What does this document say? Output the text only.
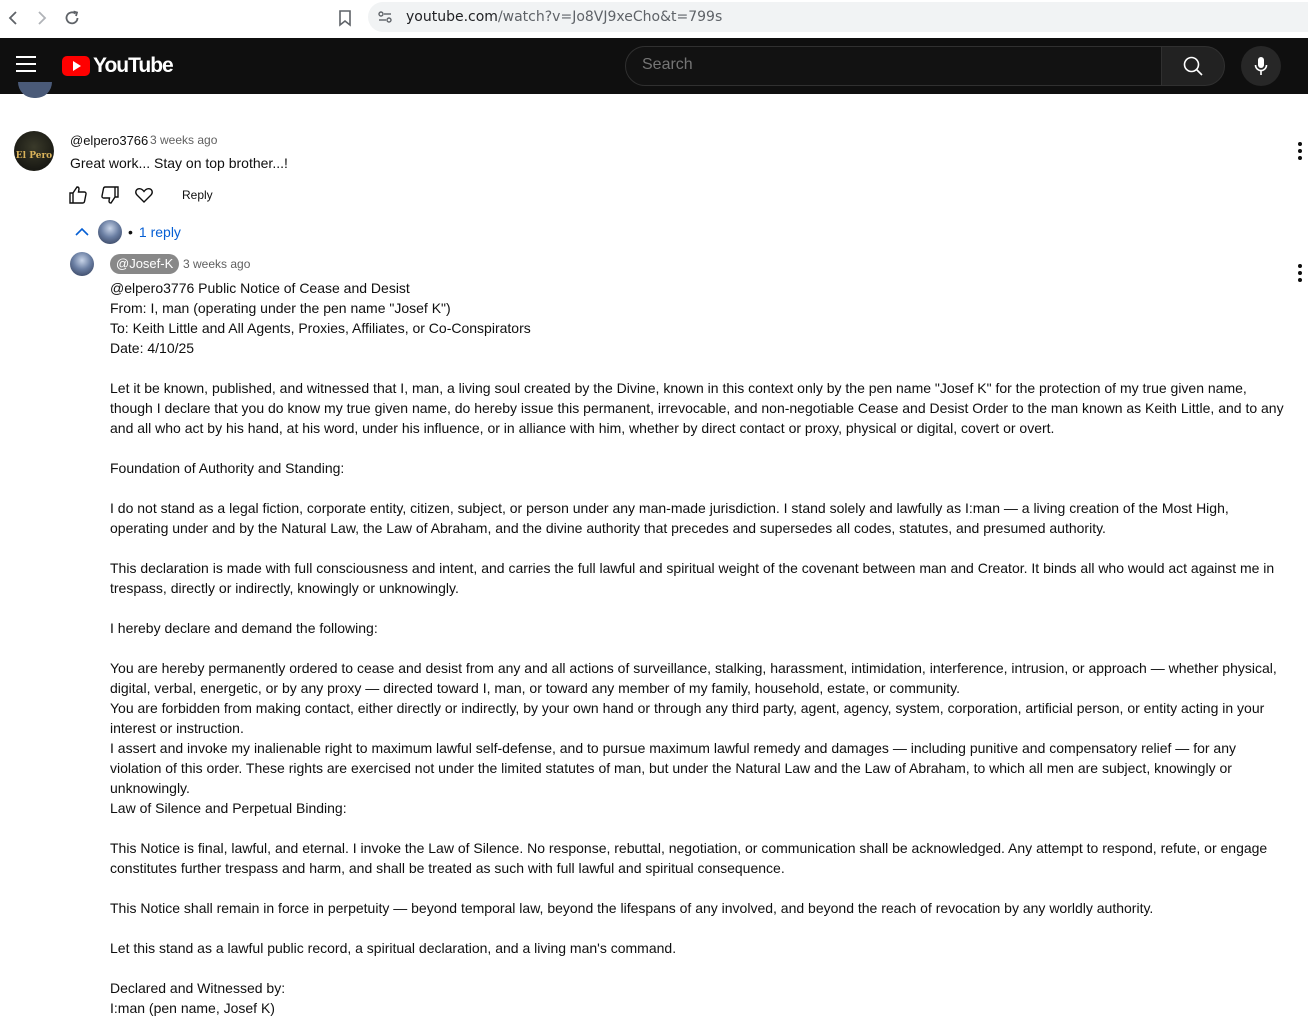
youtube.com/watch?v=Jo8VJ9xeCho&t=799s
YouTube
Search
El Pero
@elpero3766 3 weeks ago
Great work... Stay on top brother...!
Reply
• 1 reply
@Josef-K 3 weeks ago
@elpero3776 Public Notice of Cease and Desist
From: I, man (operating under the pen name "Josef K")
To: Keith Little and All Agents, Proxies, Affiliates, or Co-Conspirators
Date: 4/10/25

Let it be known, published, and witnessed that I, man, a living soul created by the Divine, known in this context only by the pen name "Josef K" for the protection of my true given name, though I declare that you do know my true given name, do hereby issue this permanent, irrevocable, and non-negotiable Cease and Desist Order to the man known as Keith Little, and to any and all who act by his hand, at his word, under his influence, or in alliance with him, whether by direct contact or proxy, physical or digital, covert or overt.

Foundation of Authority and Standing:

I do not stand as a legal fiction, corporate entity, citizen, subject, or person under any man-made jurisdiction. I stand solely and lawfully as I:man — a living creation of the Most High, operating under and by the Natural Law, the Law of Abraham, and the divine authority that precedes and supersedes all codes, statutes, and presumed authority.

This declaration is made with full consciousness and intent, and carries the full lawful and spiritual weight of the covenant between man and Creator. It binds all who would act against me in trespass, directly or indirectly, knowingly or unknowingly.

I hereby declare and demand the following:

You are hereby permanently ordered to cease and desist from any and all actions of surveillance, stalking, harassment, intimidation, interference, intrusion, or approach — whether physical, digital, verbal, energetic, or by any proxy — directed toward I, man, or toward any member of my family, household, estate, or community.
You are forbidden from making contact, either directly or indirectly, by your own hand or through any third party, agent, agency, system, corporation, artificial person, or entity acting in your interest or instruction.
I assert and invoke my inalienable right to maximum lawful self-defense, and to pursue maximum lawful remedy and damages — including punitive and compensatory relief — for any violation of this order. These rights are exercised not under the limited statutes of man, but under the Natural Law and the Law of Abraham, to which all men are subject, knowingly or unknowingly.
Law of Silence and Perpetual Binding:

This Notice is final, lawful, and eternal. I invoke the Law of Silence. No response, rebuttal, negotiation, or communication shall be acknowledged. Any attempt to respond, refute, or engage constitutes further trespass and harm, and shall be treated as such with full lawful and spiritual consequence.

This Notice shall remain in force in perpetuity — beyond temporal law, beyond the lifespans of any involved, and beyond the reach of revocation by any worldly authority.

Let this stand as a lawful public record, a spiritual declaration, and a living man's command.

Declared and Witnessed by:
I:man (pen name, Josef K)
